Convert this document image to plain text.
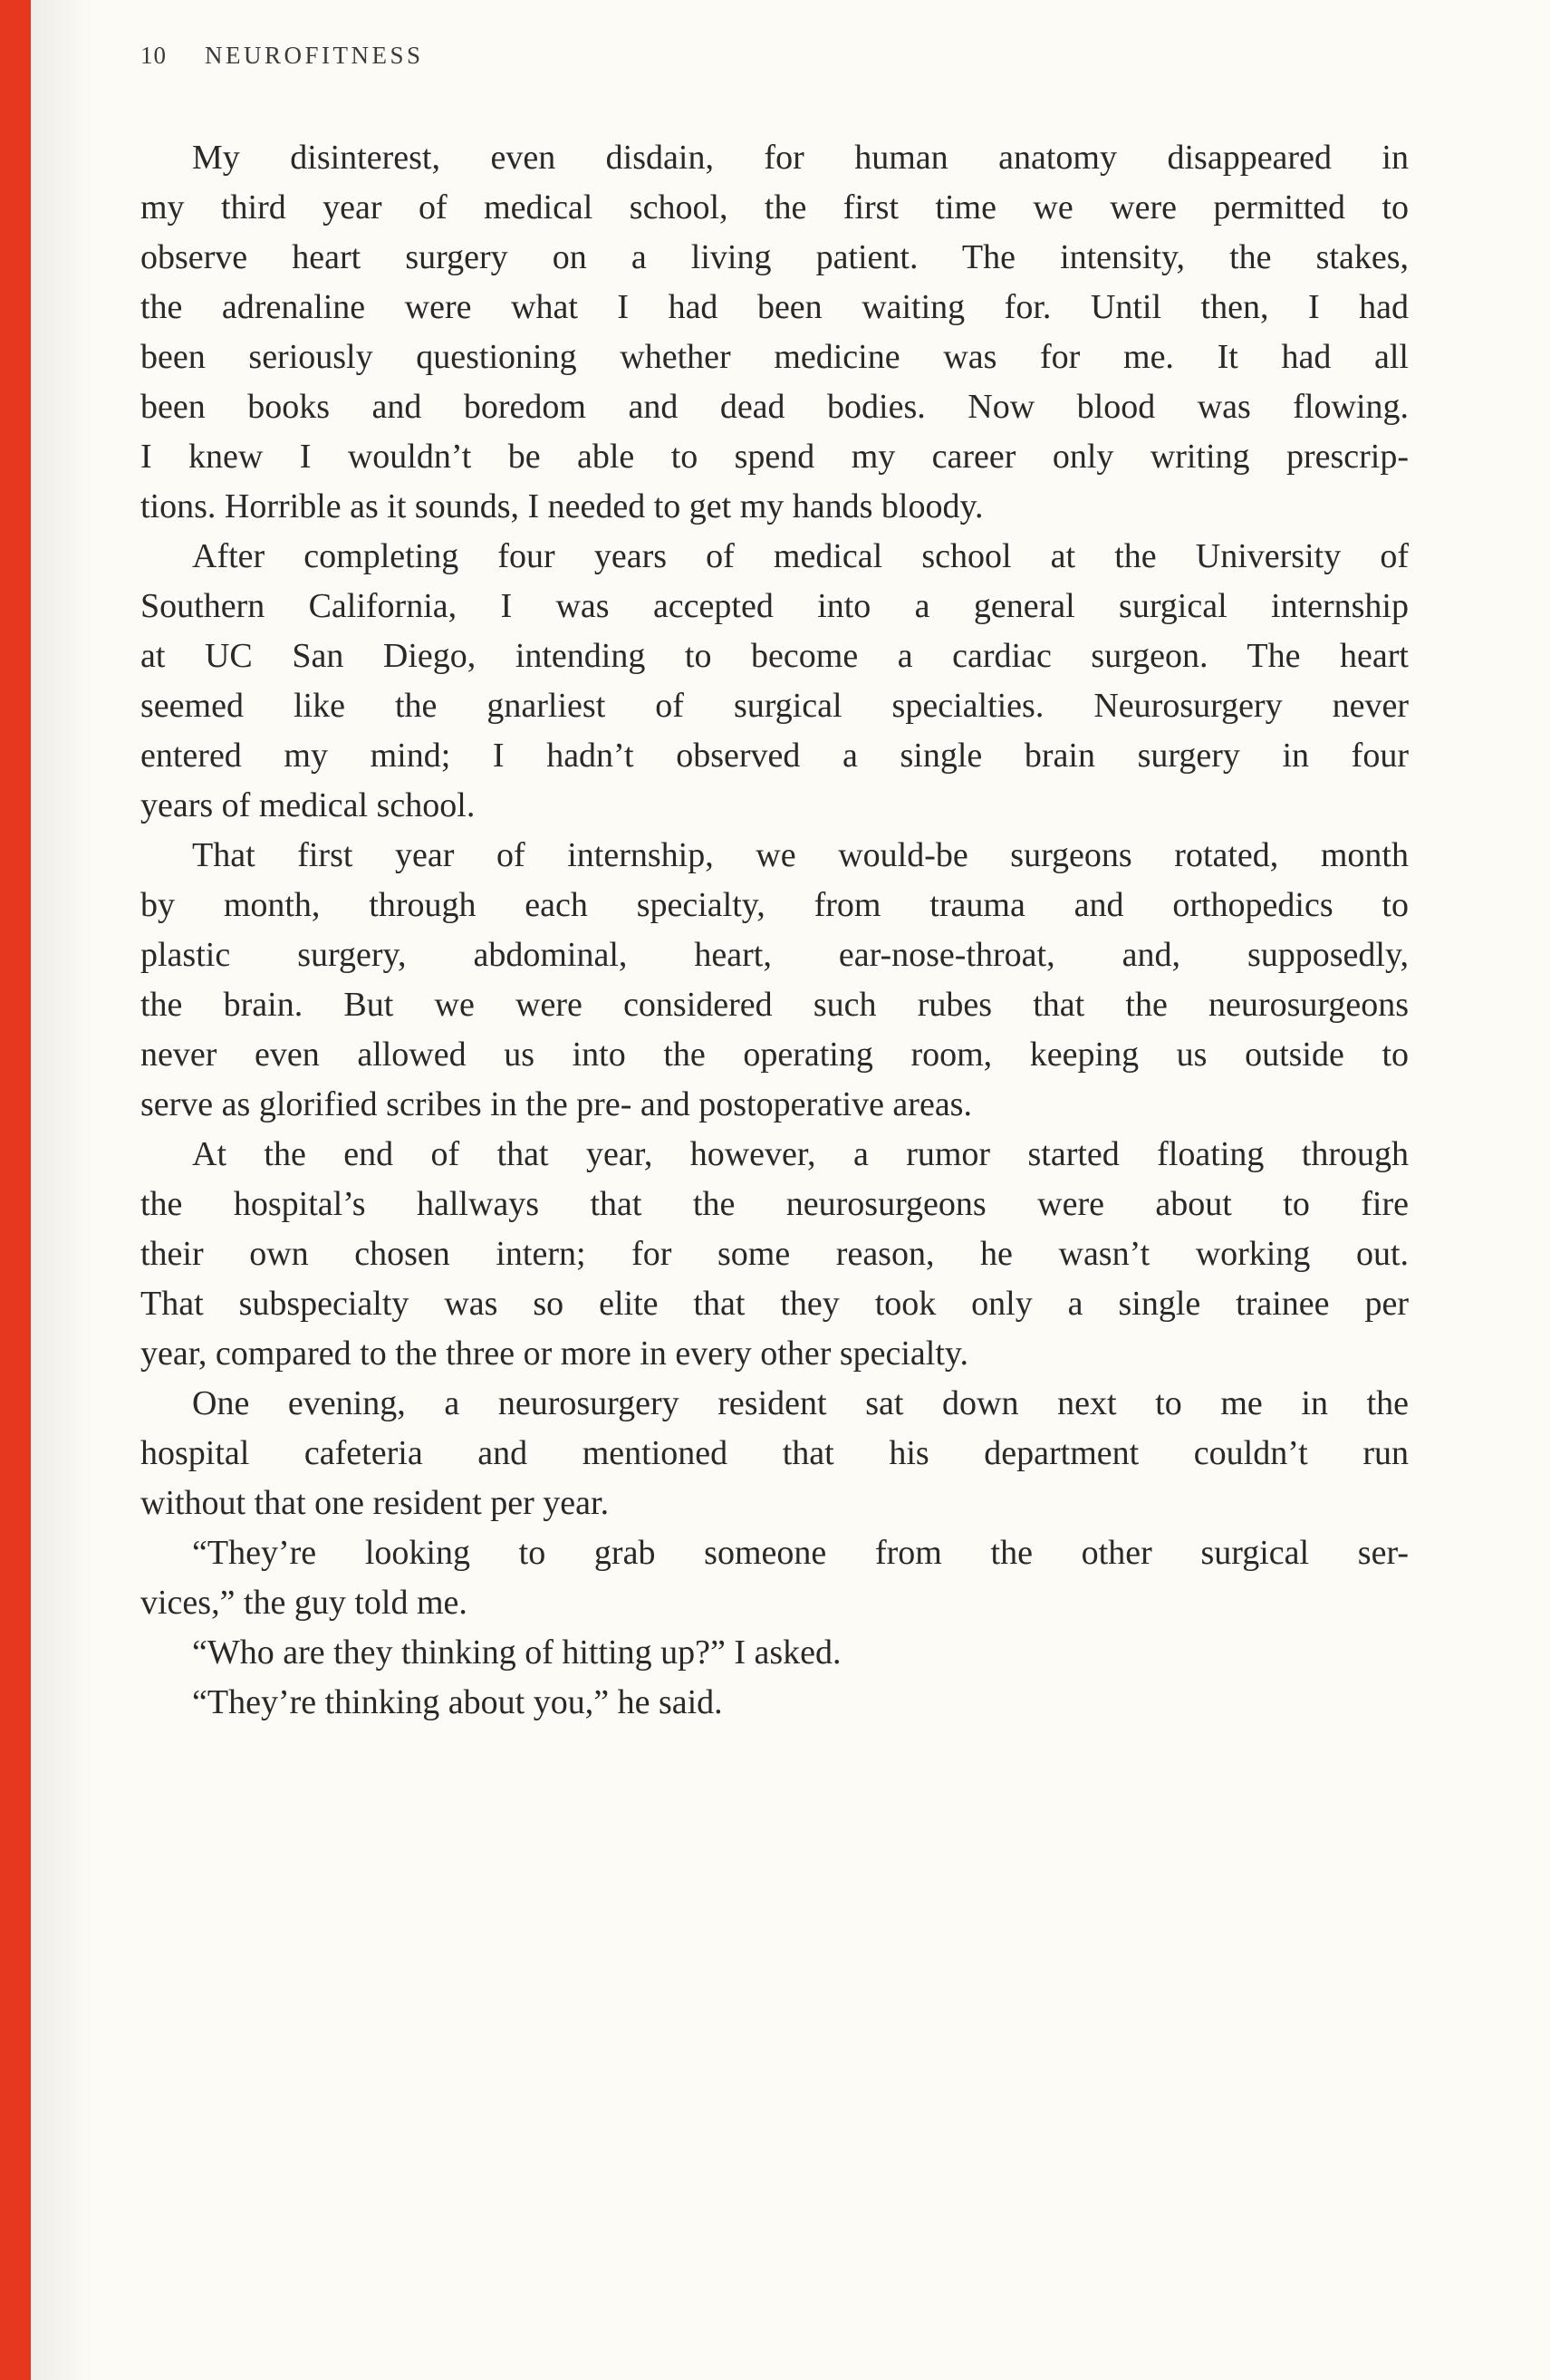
10 NEUROFITNESS
My disinterest, even disdain, for human anatomy disappeared in
my third year of medical school, the first time we were permitted to
observe heart surgery on a living patient. The intensity, the stakes,
the adrenaline were what I had been waiting for. Until then, I had
been seriously questioning whether medicine was for me. It had all
been books and boredom and dead bodies. Now blood was flowing.
I knew I wouldn’t be able to spend my career only writing prescrip-
tions. Horrible as it sounds, I needed to get my hands bloody.
After completing four years of medical school at the University of
Southern California, I was accepted into a general surgical internship
at UC San Diego, intending to become a cardiac surgeon. The heart
seemed like the gnarliest of surgical specialties. Neurosurgery never
entered my mind; I hadn’t observed a single brain surgery in four
years of medical school.
That first year of internship, we would-be surgeons rotated, month
by month, through each specialty, from trauma and orthopedics to
plastic surgery, abdominal, heart, ear-nose-throat, and, supposedly,
the brain. But we were considered such rubes that the neurosurgeons
never even allowed us into the operating room, keeping us outside to
serve as glorified scribes in the pre- and postoperative areas.
At the end of that year, however, a rumor started floating through
the hospital’s hallways that the neurosurgeons were about to fire
their own chosen intern; for some reason, he wasn’t working out.
That subspecialty was so elite that they took only a single trainee per
year, compared to the three or more in every other specialty.
One evening, a neurosurgery resident sat down next to me in the
hospital cafeteria and mentioned that his department couldn’t run
without that one resident per year.
“They’re looking to grab someone from the other surgical ser-
vices,” the guy told me.
“Who are they thinking of hitting up?” I asked.
“They’re thinking about you,” he said.
